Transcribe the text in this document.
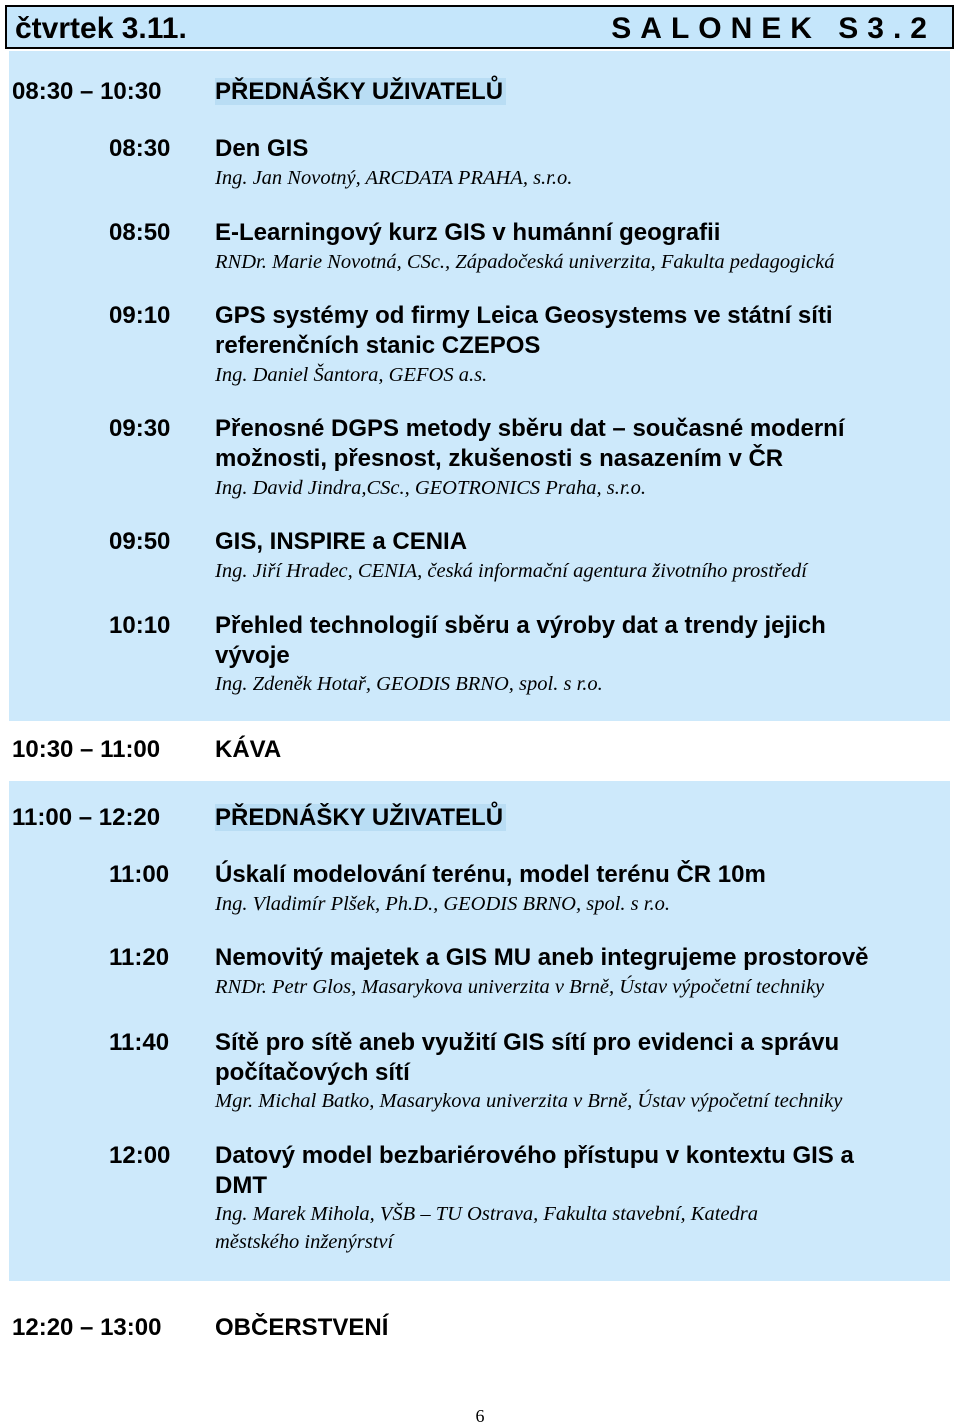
čtvrtek 3.11.	SALONEK S3.2
08:30 – 10:30 PŘEDNÁŠKY UŽIVATELŮ
08:30 Den GIS
Ing. Jan Novotný, ARCDATA PRAHA, s.r.o.
08:50 E-Learningový kurz GIS v humánní geografii
RNDr. Marie Novotná, CSc., Západočeská univerzita, Fakulta pedagogická
09:10 GPS systémy od firmy Leica Geosystems ve státní síti
referenčních stanic CZEPOS
Ing. Daniel Šantora, GEFOS a.s.
09:30 Přenosné DGPS metody sběru dat – současné moderní
možnosti, přesnost, zkušenosti s nasazením v ČR
Ing. David Jindra,CSc., GEOTRONICS Praha, s.r.o.
09:50 GIS, INSPIRE a CENIA
Ing. Jiří Hradec, CENIA, česká informační agentura životního prostředí
10:10 Přehled technologií sběru a výroby dat a trendy jejich
vývoje
Ing. Zdeněk Hotař, GEODIS BRNO, spol. s r.o.
10:30 – 11:00 KÁVA
11:00 – 12:20 PŘEDNÁŠKY UŽIVATELŮ
11:00 Úskalí modelování terénu, model terénu ČR 10m
Ing. Vladimír Plšek, Ph.D., GEODIS BRNO, spol. s r.o.
11:20 Nemovitý majetek a GIS MU aneb integrujeme prostorově
RNDr. Petr Glos, Masarykova univerzita v Brně, Ústav výpočetní techniky
11:40 Sítě pro sítě aneb využití GIS sítí pro evidenci a správu
počítačových sítí
Mgr. Michal Batko, Masarykova univerzita v Brně, Ústav výpočetní techniky
12:00 Datový model bezbariérového přístupu v kontextu GIS a
DMT
Ing. Marek Mihola, VŠB – TU Ostrava, Fakulta stavební, Katedra
městského inženýrství
12:20 – 13:00 OBČERSTVENÍ
6
